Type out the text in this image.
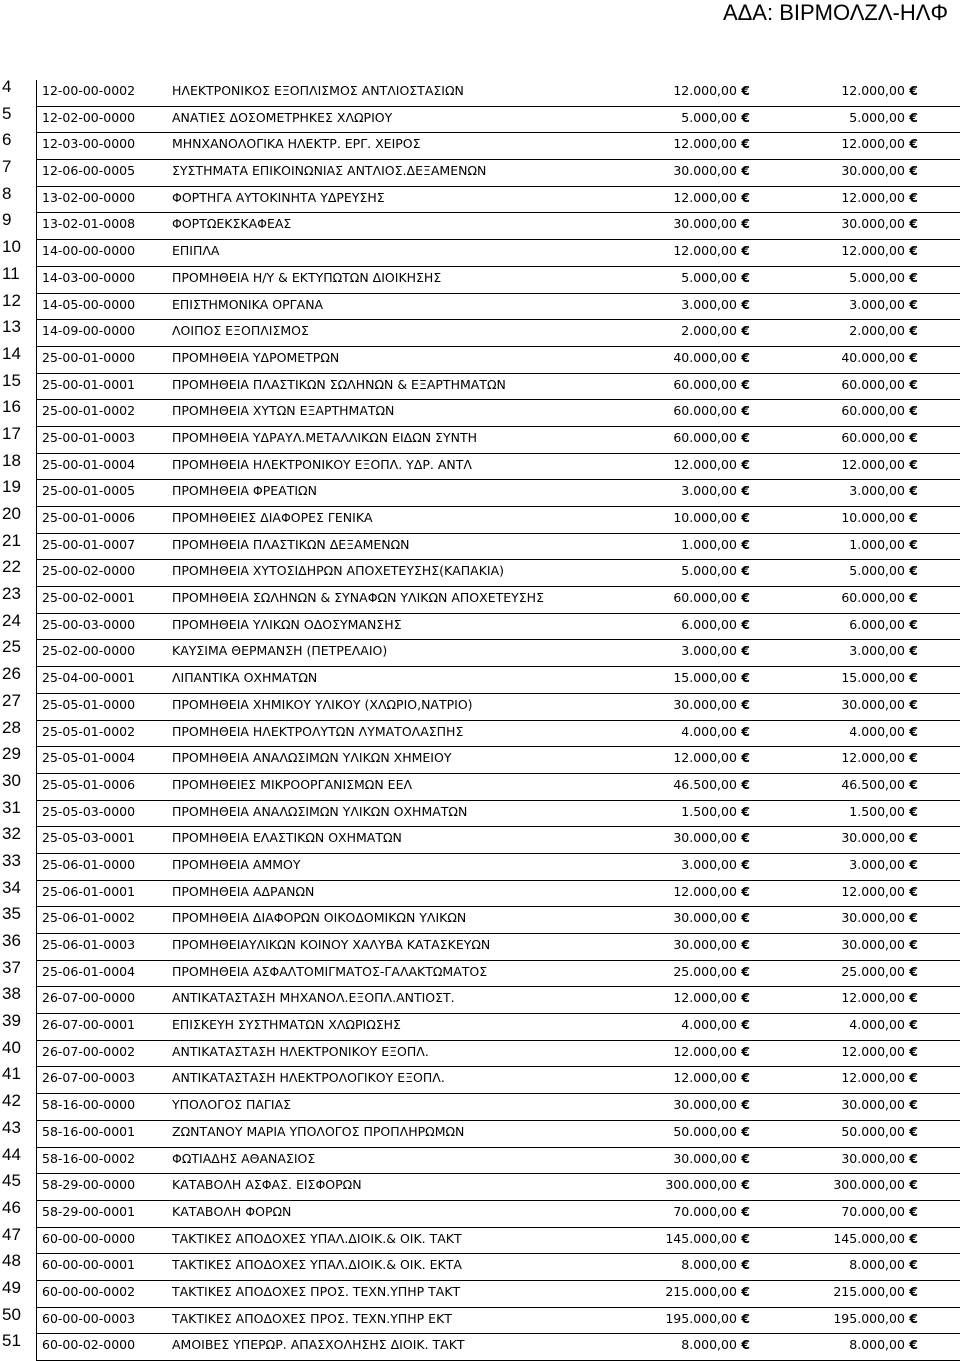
ΑΔΑ: ΒΙΡΜΟΛΖΛ-ΗΛΦ
4	12-00-00-0002	ΗΛΕΚΤΡΟΝΙΚΟΣ ΕΞΟΠΛΙΣΜΟΣ ΑΝΤΛΙΟΣΤΑΣΙΩΝ	12.000,00 €	12.000,00 €
5	12-02-00-0000	ΑΝΑΤΙΕΣ ΔΟΣΟΜΕΤΡΗΚΕΣ ΧΛΩΡΙΟΥ	5.000,00 €	5.000,00 €
6	12-03-00-0000	ΜΗΝΧΑΝΟΛΟΓΙΚΑ ΗΛΕΚΤΡ. ΕΡΓ. ΧΕΙΡΟΣ	12.000,00 €	12.000,00 €
7	12-06-00-0005	ΣΥΣΤΗΜΑΤΑ ΕΠΙΚΟΙΝΩΝΙΑΣ ΑΝΤΛΙΟΣ.ΔΕΞΑΜΕΝΩΝ	30.000,00 €	30.000,00 €
8	13-02-00-0000	ΦΟΡΤΗΓΑ ΑΥΤΟΚΙΝΗΤΑ ΥΔΡΕΥΣΗΣ	12.000,00 €	12.000,00 €
9	13-02-01-0008	ΦΟΡΤΩΕΚΣΚΑΦΕΑΣ	30.000,00 €	30.000,00 €
10	14-00-00-0000	ΕΠΙΠΛΑ	12.000,00 €	12.000,00 €
11	14-03-00-0000	ΠΡΟΜΗΘΕΙΑ Η/Υ & ΕΚΤΥΠΩΤΩΝ ΔΙΟΙΚΗΣΗΣ	5.000,00 €	5.000,00 €
12	14-05-00-0000	ΕΠΙΣΤΗΜΟΝΙΚΑ ΟΡΓΑΝΑ	3.000,00 €	3.000,00 €
13	14-09-00-0000	ΛΟΙΠΟΣ ΕΞΟΠΛΙΣΜΟΣ	2.000,00 €	2.000,00 €
14	25-00-01-0000	ΠΡΟΜΗΘΕΙΑ ΥΔΡΟΜΕΤΡΩΝ	40.000,00 €	40.000,00 €
15	25-00-01-0001	ΠΡΟΜΗΘΕΙΑ ΠΛΑΣΤΙΚΩΝ ΣΩΛΗΝΩΝ & ΕΞΑΡΤΗΜΑΤΩΝ	60.000,00 €	60.000,00 €
16	25-00-01-0002	ΠΡΟΜΗΘΕΙΑ ΧΥΤΩΝ ΕΞΑΡΤΗΜΑΤΩΝ	60.000,00 €	60.000,00 €
17	25-00-01-0003	ΠΡΟΜΗΘΕΙΑ ΥΔΡΑΥΛ.ΜΕΤΑΛΛΙΚΩΝ ΕΙΔΩΝ ΣΥΝΤΗ	60.000,00 €	60.000,00 €
18	25-00-01-0004	ΠΡΟΜΗΘΕΙΑ ΗΛΕΚΤΡΟΝΙΚΟΥ ΕΞΟΠΛ. ΥΔΡ. ΑΝΤΛ	12.000,00 €	12.000,00 €
19	25-00-01-0005	ΠΡΟΜΗΘΕΙΑ ΦΡΕΑΤΙΩΝ	3.000,00 €	3.000,00 €
20	25-00-01-0006	ΠΡΟΜΗΘΕΙΕΣ ΔΙΑΦΟΡΕΣ ΓΕΝΙΚΑ	10.000,00 €	10.000,00 €
21	25-00-01-0007	ΠΡΟΜΗΘΕΙΑ ΠΛΑΣΤΙΚΩΝ ΔΕΞΑΜΕΝΩΝ	1.000,00 €	1.000,00 €
22	25-00-02-0000	ΠΡΟΜΗΘΕΙΑ ΧΥΤΟΣΙΔΗΡΩΝ ΑΠΟΧΕΤΕΥΣΗΣ(ΚΑΠΑΚΙΑ)	5.000,00 €	5.000,00 €
23	25-00-02-0001	ΠΡΟΜΗΘΕΙΑ ΣΩΛΗΝΩΝ & ΣΥΝΑΦΩΝ ΥΛΙΚΩΝ ΑΠΟΧΕΤΕΥΣΗΣ	60.000,00 €	60.000,00 €
24	25-00-03-0000	ΠΡΟΜΗΘΕΙΑ ΥΛΙΚΩΝ ΟΔΟΣΥΜΑΝΣΗΣ	6.000,00 €	6.000,00 €
25	25-02-00-0000	ΚΑΥΣΙΜΑ ΘΕΡΜΑΝΣΗ (ΠΕΤΡΕΛΑΙΟ)	3.000,00 €	3.000,00 €
26	25-04-00-0001	ΛΙΠΑΝΤΙΚΑ ΟΧΗΜΑΤΩΝ	15.000,00 €	15.000,00 €
27	25-05-01-0000	ΠΡΟΜΗΘΕΙΑ ΧΗΜΙΚΟΥ ΥΛΙΚΟΥ (ΧΛΩΡΙΟ,ΝΑΤΡΙΟ)	30.000,00 €	30.000,00 €
28	25-05-01-0002	ΠΡΟΜΗΘΕΙΑ ΗΛΕΚΤΡΟΛΥΤΩΝ ΛΥΜΑΤΟΛΑΣΠΗΣ	4.000,00 €	4.000,00 €
29	25-05-01-0004	ΠΡΟΜΗΘΕΙΑ ΑΝΑΛΩΣΙΜΩΝ ΥΛΙΚΩΝ ΧΗΜΕΙΟΥ	12.000,00 €	12.000,00 €
30	25-05-01-0006	ΠΡΟΜΗΘΕΙΕΣ ΜΙΚΡΟΟΡΓΑΝΙΣΜΩΝ ΕΕΛ	46.500,00 €	46.500,00 €
31	25-05-03-0000	ΠΡΟΜΗΘΕΙΑ ΑΝΑΛΩΣΙΜΩΝ ΥΛΙΚΩΝ ΟΧΗΜΑΤΩΝ	1.500,00 €	1.500,00 €
32	25-05-03-0001	ΠΡΟΜΗΘΕΙΑ ΕΛΑΣΤΙΚΩΝ ΟΧΗΜΑΤΩΝ	30.000,00 €	30.000,00 €
33	25-06-01-0000	ΠΡΟΜΗΘΕΙΑ ΑΜΜΟΥ	3.000,00 €	3.000,00 €
34	25-06-01-0001	ΠΡΟΜΗΘΕΙΑ ΑΔΡΑΝΩΝ	12.000,00 €	12.000,00 €
35	25-06-01-0002	ΠΡΟΜΗΘΕΙΑ ΔΙΑΦΟΡΩΝ ΟΙΚΟΔΟΜΙΚΩΝ ΥΛΙΚΩΝ	30.000,00 €	30.000,00 €
36	25-06-01-0003	ΠΡΟΜΗΘΕΙΑΥΛΙΚΩΝ ΚΟΙΝΟΥ ΧΑΛΥΒΑ ΚΑΤΑΣΚΕΥΩΝ	30.000,00 €	30.000,00 €
37	25-06-01-0004	ΠΡΟΜΗΘΕΙΑ ΑΣΦΑΛΤΟΜΙΓΜΑΤΟΣ-ΓΑΛΑΚΤΩΜΑΤΟΣ	25.000,00 €	25.000,00 €
38	26-07-00-0000	ΑΝΤΙΚΑΤΑΣΤΑΣΗ ΜΗΧΑΝΟΛ.ΕΞΟΠΛ.ΑΝΤΙΟΣΤ.	12.000,00 €	12.000,00 €
39	26-07-00-0001	ΕΠΙΣΚΕΥΗ ΣΥΣΤΗΜΑΤΩΝ ΧΛΩΡΙΩΣΗΣ	4.000,00 €	4.000,00 €
40	26-07-00-0002	ΑΝΤΙΚΑΤΑΣΤΑΣΗ ΗΛΕΚΤΡΟΝΙΚΟΥ ΕΞΟΠΛ.	12.000,00 €	12.000,00 €
41	26-07-00-0003	ΑΝΤΙΚΑΤΑΣΤΑΣΗ ΗΛΕΚΤΡΟΛΟΓΙΚΟΥ ΕΞΟΠΛ.	12.000,00 €	12.000,00 €
42	58-16-00-0000	ΥΠΟΛΟΓΟΣ ΠΑΓΙΑΣ	30.000,00 €	30.000,00 €
43	58-16-00-0001	ΖΩΝΤΑΝΟΥ ΜΑΡΙΑ ΥΠΟΛΟΓΟΣ ΠΡΟΠΛΗΡΩΜΩΝ	50.000,00 €	50.000,00 €
44	58-16-00-0002	ΦΩΤΙΑΔΗΣ ΑΘΑΝΑΣΙΟΣ	30.000,00 €	30.000,00 €
45	58-29-00-0000	ΚΑΤΑΒΟΛΗ ΑΣΦΑΣ. ΕΙΣΦΟΡΩΝ	300.000,00 €	300.000,00 €
46	58-29-00-0001	ΚΑΤΑΒΟΛΗ ΦΟΡΩΝ	70.000,00 €	70.000,00 €
47	60-00-00-0000	ΤΑΚΤΙΚΕΣ ΑΠΟΔΟΧΕΣ ΥΠΑΛ.ΔΙΟΙΚ.& ΟΙΚ. ΤΑΚΤ	145.000,00 €	145.000,00 €
48	60-00-00-0001	ΤΑΚΤΙΚΕΣ ΑΠΟΔΟΧΕΣ ΥΠΑΛ.ΔΙΟΙΚ.& ΟΙΚ. ΕΚΤΑ	8.000,00 €	8.000,00 €
49	60-00-00-0002	ΤΑΚΤΙΚΕΣ ΑΠΟΔΟΧΕΣ ΠΡΟΣ. ΤΕΧΝ.ΥΠΗΡ ΤΑΚΤ	215.000,00 €	215.000,00 €
50	60-00-00-0003	ΤΑΚΤΙΚΕΣ ΑΠΟΔΟΧΕΣ ΠΡΟΣ. ΤΕΧΝ.ΥΠΗΡ ΕΚΤ	195.000,00 €	195.000,00 €
51	60-00-02-0000	ΑΜΟΙΒΕΣ ΥΠΕΡΩΡ. ΑΠΑΣΧΟΛΗΣΗΣ ΔΙΟΙΚ. ΤΑΚΤ	8.000,00 €	8.000,00 €
